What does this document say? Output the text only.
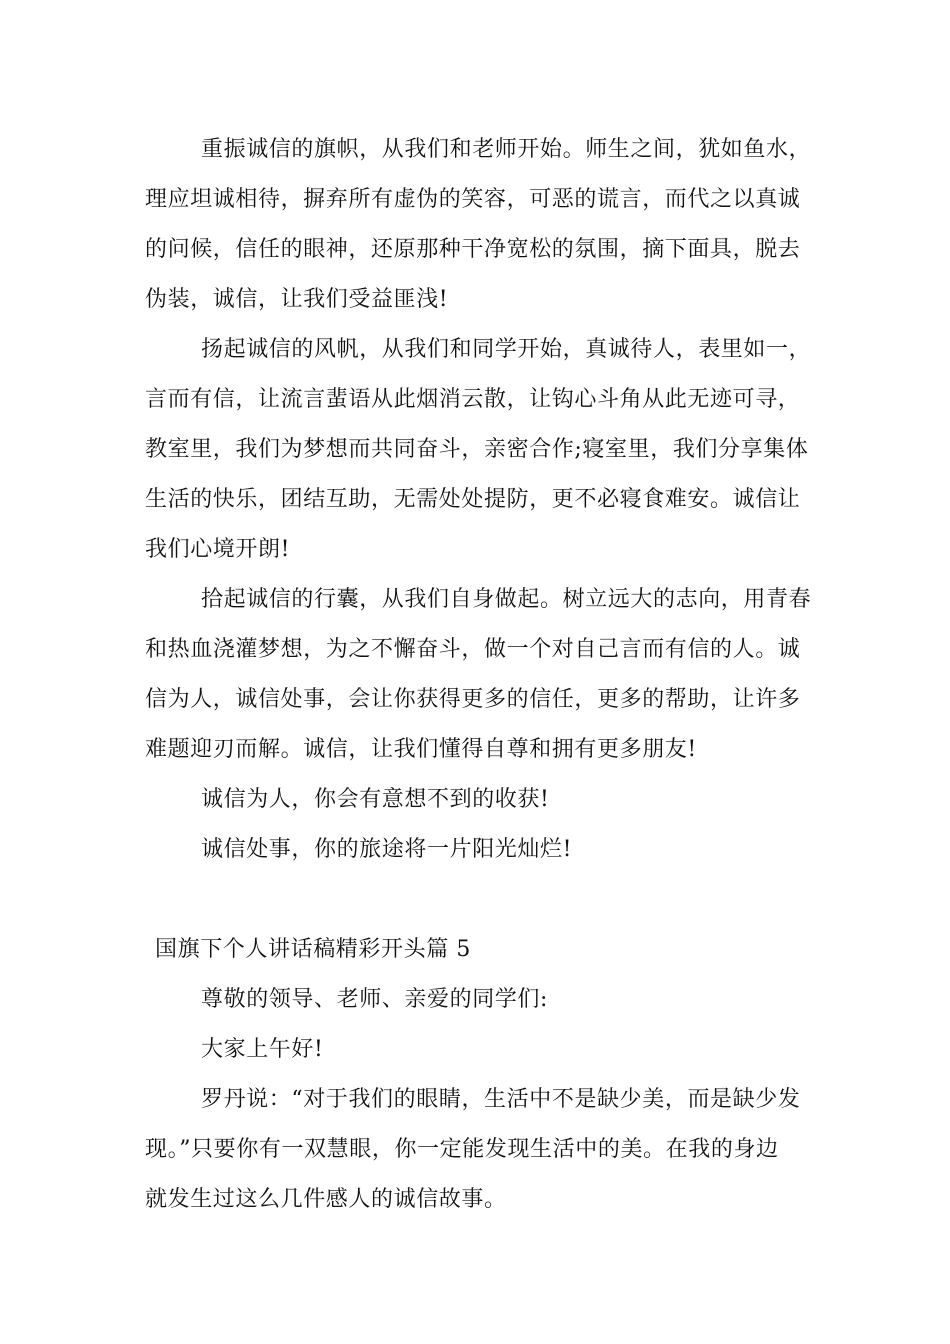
重振诚信的旗帜，从我们和老师开始。师生之间，犹如鱼水，
理应坦诚相待，摒弃所有虚伪的笑容，可恶的谎言，而代之以真诚
的问候，信任的眼神，还原那种干净宽松的氛围，摘下面具，脱去
伪装，诚信，让我们受益匪浅!
扬起诚信的风帆，从我们和同学开始，真诚待人，表里如一，
言而有信，让流言蜚语从此烟消云散，让钩心斗角从此无迹可寻，
教室里，我们为梦想而共同奋斗，亲密合作;寝室里，我们分享集体
生活的快乐，团结互助，无需处处提防，更不必寝食难安。诚信让
我们心境开朗!
拾起诚信的行囊，从我们自身做起。树立远大的志向，用青春
和热血浇灌梦想，为之不懈奋斗，做一个对自己言而有信的人。诚
信为人，诚信处事，会让你获得更多的信任，更多的帮助，让许多
难题迎刃而解。诚信，让我们懂得自尊和拥有更多朋友!
诚信为人，你会有意想不到的收获!
诚信处事，你的旅途将一片阳光灿烂!
国旗下个人讲话稿精彩开头篇 5
尊敬的领导、老师、亲爱的同学们:
大家上午好!
罗丹说：“对于我们的眼睛，生活中不是缺少美，而是缺少发
现。”只要你有一双慧眼，你一定能发现生活中的美。在我的身边
就发生过这么几件感人的诚信故事。
